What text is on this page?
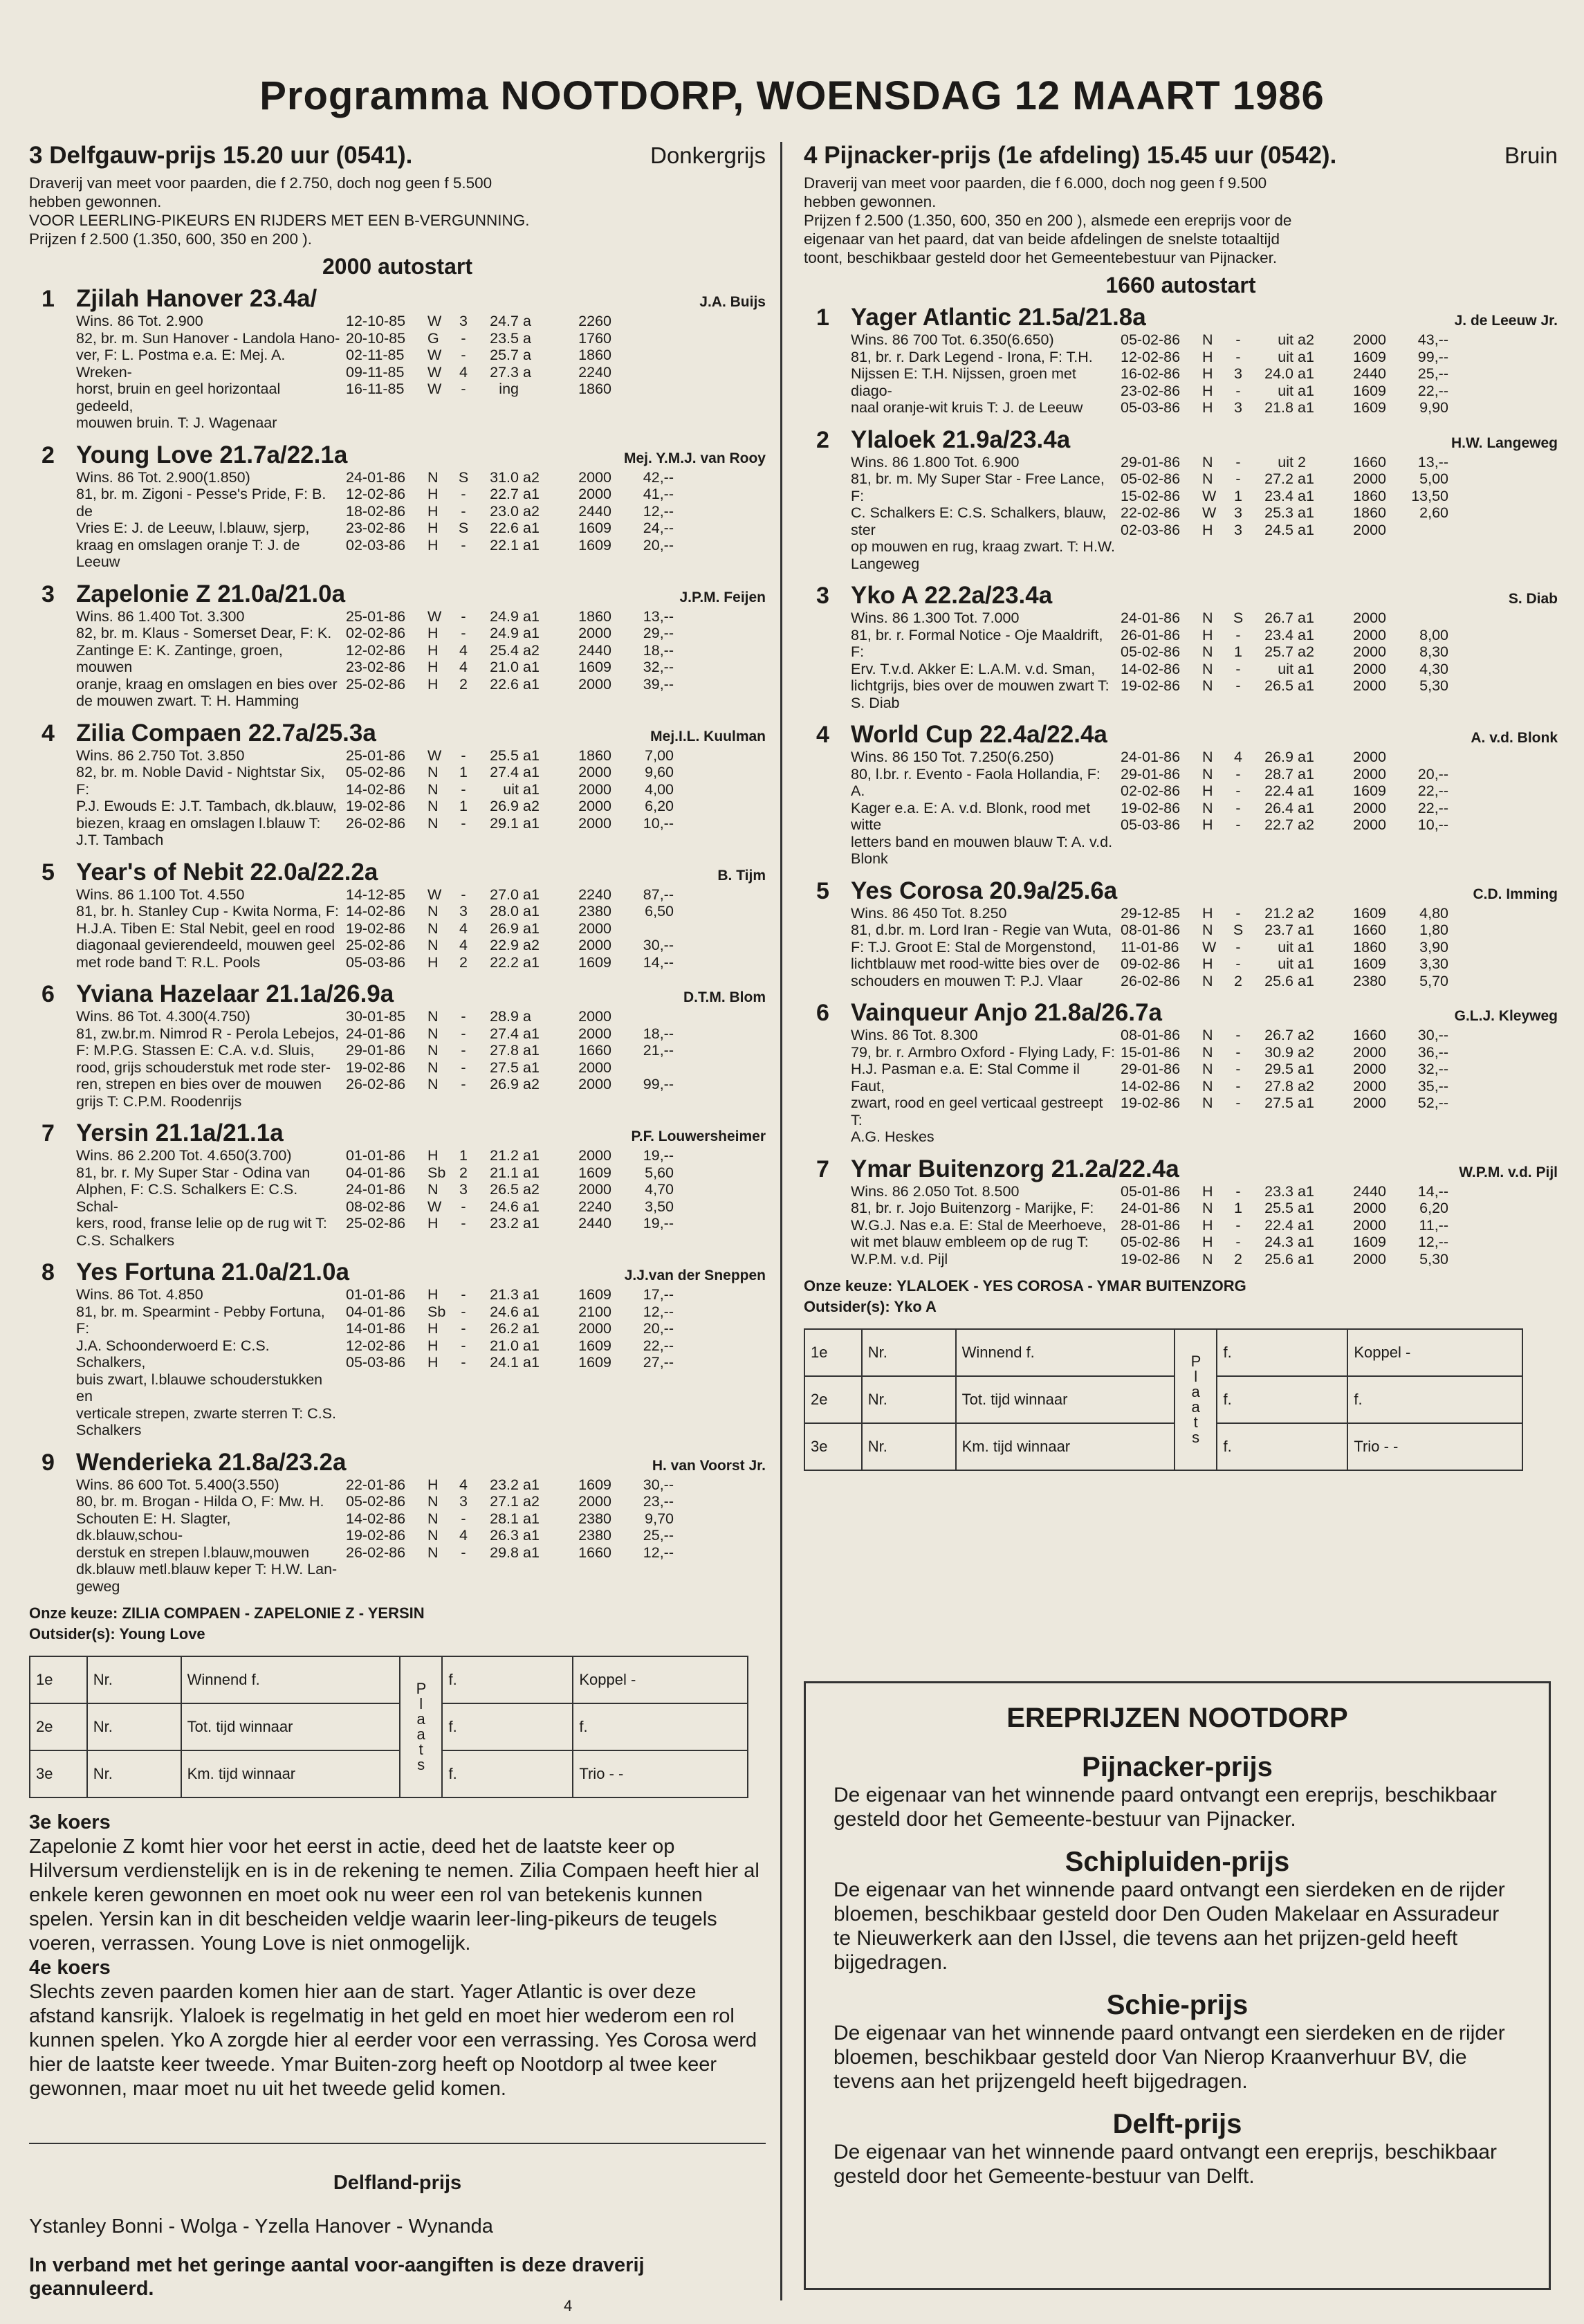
Programma NOOTDORP, WOENSDAG 12 MAART 1986
3 Delfgauw-prijs 15.20 uur (0541).	Donkergrijs
Draverij van meet voor paarden, die f 2.750, doch nog geen f 5.500
hebben gewonnen.
VOOR LEERLING-PIKEURS EN RIJDERS MET EEN B-VERGUNNING.
Prijzen f 2.500 (1.350, 600, 350 en 200 ).
2000 autostart
1 Zjilah Hanover 23.4a/	J.A. Buijs
Wins. 86 Tot. 2.900
82, br. m. Sun Hanover - Landola Hano-
ver, F: L. Postma e.a. E: Mej. A. Wreken-
horst, bruin en geel horizontaal gedeeld,
mouwen bruin. T: J. Wagenaar
12-10-85	W	3	24.7 a	2260
20-10-85	G	-	23.5 a	1760
02-11-85	W	-	25.7 a	1860
09-11-85	W	4	27.3 a	2240
16-11-85	W	-	ing	1860
2 Young Love 21.7a/22.1a	Mej. Y.M.J. van Rooy
Wins. 86 Tot. 2.900(1.850)
81, br. m. Zigoni - Pesse's Pride, F: B. de
Vries E: J. de Leeuw, l.blauw, sjerp,
kraag en omslagen oranje T: J. de Leeuw
24-01-86	N	S	31.0 a2	2000	42,--
12-02-86	H	-	22.7 a1	2000	41,--
18-02-86	H	-	23.0 a2	2440	12,--
23-02-86	H	S	22.6 a1	1609	24,--
02-03-86	H	-	22.1 a1	1609	20,--
3 Zapelonie Z 21.0a/21.0a	J.P.M. Feijen
Wins. 86 1.400 Tot. 3.300
82, br. m. Klaus - Somerset Dear, F: K.
Zantinge E: K. Zantinge, groen, mouwen
oranje, kraag en omslagen en bies over
de mouwen zwart. T: H. Hamming
25-01-86	W	-	24.9 a1	1860	13,--
02-02-86	H	-	24.9 a1	2000	29,--
12-02-86	H	4	25.4 a2	2440	18,--
23-02-86	H	4	21.0 a1	1609	32,--
25-02-86	H	2	22.6 a1	2000	39,--
4 Zilia Compaen 22.7a/25.3a	Mej.I.L. Kuulman
Wins. 86 2.750 Tot. 3.850
82, br. m. Noble David - Nightstar Six, F:
P.J. Ewouds E: J.T. Tambach, dk.blauw,
biezen, kraag en omslagen l.blauw T:
J.T. Tambach
25-01-86	W	-	25.5 a1	1860	7,00
05-02-86	N	1	27.4 a1	2000	9,60
14-02-86	N	-	uit a1	2000	4,00
19-02-86	N	1	26.9 a2	2000	6,20
26-02-86	N	-	29.1 a1	2000	10,--
5 Year's of Nebit 22.0a/22.2a	B. Tijm
Wins. 86 1.100 Tot. 4.550
81, br. h. Stanley Cup - Kwita Norma, F:
H.J.A. Tiben E: Stal Nebit, geel en rood
diagonaal gevierendeeld, mouwen geel
met rode band T: R.L. Pools
14-12-85	W	-	27.0 a1	2240	87,--
14-02-86	N	3	28.0 a1	2380	6,50
19-02-86	N	4	26.9 a1	2000
25-02-86	N	4	22.9 a2	2000	30,--
05-03-86	H	2	22.2 a1	1609	14,--
6 Yviana Hazelaar 21.1a/26.9a	D.T.M. Blom
Wins. 86 Tot. 4.300(4.750)
81, zw.br.m. Nimrod R - Perola Lebejos,
F: M.P.G. Stassen E: C.A. v.d. Sluis,
rood, grijs schouderstuk met rode ster-
ren, strepen en bies over de mouwen
grijs T: C.P.M. Roodenrijs
30-01-85	N	-	28.9 a	2000
24-01-86	N	-	27.4 a1	2000	18,--
29-01-86	N	-	27.8 a1	1660	21,--
19-02-86	N	-	27.5 a1	2000
26-02-86	N	-	26.9 a2	2000	99,--
7 Yersin 21.1a/21.1a	P.F. Louwersheimer
Wins. 86 2.200 Tot. 4.650(3.700)
81, br. r. My Super Star - Odina van
Alphen, F: C.S. Schalkers E: C.S. Schal-
kers, rood, franse lelie op de rug wit T:
C.S. Schalkers
01-01-86	H	1	21.2 a1	2000	19,--
04-01-86	Sb 2	21.1 a1	1609	5,60
24-01-86	N	3	26.5 a2	2000	4,70
08-02-86	W	-	24.6 a1	2240	3,50
25-02-86	H	-	23.2 a1	2440	19,--
8 Yes Fortuna 21.0a/21.0a	J.J.van der Sneppen
Wins. 86 Tot. 4.850
81, br. m. Spearmint - Pebby Fortuna, F:
J.A. Schoonderwoerd E: C.S. Schalkers,
buis zwart, l.blauwe schouderstukken en
verticale strepen, zwarte sterren T: C.S.
Schalkers
01-01-86	H	-	21.3 a1	1609	17,--
04-01-86	Sb	-	24.6 a1	2100	12,--
14-01-86	H	-	26.2 a1	2000	20,--
12-02-86	H	-	21.0 a1	1609	22,--
05-03-86	H	-	24.1 a1	1609	27,--
9 Wenderieka 21.8a/23.2a	H. van Voorst Jr.
Wins. 86 600 Tot. 5.400(3.550)
80, br. m. Brogan - Hilda O, F: Mw. H.
Schouten E: H. Slagter, dk.blauw,schou-
derstuk en strepen l.blauw,mouwen
dk.blauw metl.blauw keper T: H.W. Lan-
geweg
22-01-86	H	4	23.2 a1	1609	30,--
05-02-86	N	3	27.1 a2	2000	23,--
14-02-86	N	-	28.1 a1	2380	9,70
19-02-86	N	4	26.3 a1	2380	25,--
26-02-86	N	-	29.8 a1	1660	12,--
Onze keuze: ZILIA COMPAEN - ZAPELONIE Z - YERSIN
Outsider(s): Young Love
1e	Nr.	Winnend f.	Plaats	f.	Koppel -
2e	Nr.	Tot. tijd winnaar		f.	f.
3e	Nr.	Km. tijd winnaar		f.	Trio - -
3e koers
Zapelonie Z komt hier voor het eerst in actie, deed het de laatste keer op Hilversum verdienstelijk en is in de rekening te nemen. Zilia Compaen heeft hier al enkele keren gewonnen en moet ook nu weer een rol van betekenis kunnen spelen. Yersin kan in dit bescheiden veldje waarin leer-ling-pikeurs de teugels voeren, verrassen. Young Love is niet onmogelijk.
4e koers
Slechts zeven paarden komen hier aan de start. Yager Atlantic is over deze afstand kansrijk. Ylaloek is regelmatig in het geld en moet hier wederom een rol kunnen spelen. Yko A zorgde hier al eerder voor een verrassing. Yes Corosa werd hier de laatste keer tweede. Ymar Buiten-zorg heeft op Nootdorp al twee keer gewonnen, maar moet nu uit het tweede gelid komen.
Delfland-prijs
Ystanley Bonni - Wolga - Yzella Hanover - Wynanda
In verband met het geringe aantal voor-aangiften is deze draverij geannuleerd.
4 Pijnacker-prijs (1e afdeling) 15.45 uur (0542).	Bruin
Draverij van meet voor paarden, die f 6.000, doch nog geen f 9.500
hebben gewonnen.
Prijzen f 2.500 (1.350, 600, 350 en 200 ), alsmede een ereprijs voor de
eigenaar van het paard, dat van beide afdelingen de snelste totaaltijd
toont, beschikbaar gesteld door het Gemeentebestuur van Pijnacker.
1660 autostart
1 Yager Atlantic 21.5a/21.8a	J. de Leeuw Jr.
Wins. 86 700 Tot. 6.350(6.650)
81, br. r. Dark Legend - Irona, F: T.H.
Nijssen E: T.H. Nijssen, groen met diago-
naal oranje-wit kruis T: J. de Leeuw
05-02-86	N	-	uit a2	2000	43,--
12-02-86	H	-	uit a1	1609	99,--
16-02-86	H	3	24.0 a1	2440	25,--
23-02-86	H	-	uit a1	1609	22,--
05-03-86	H	3	21.8 a1	1609	9,90
2 Ylaloek 21.9a/23.4a	H.W. Langeweg
Wins. 86 1.800 Tot. 6.900
81, br. m. My Super Star - Free Lance, F:
C. Schalkers E: C.S. Schalkers, blauw, ster
op mouwen en rug, kraag zwart. T: H.W.
Langeweg
29-01-86	N	-	uit 2	1660	13,--
05-02-86	N	-	27.2 a1	2000	5,00
15-02-86	W	1	23.4 a1	1860	13,50
22-02-86	W	3	25.3 a1	1860	2,60
02-03-86	H	3	24.5 a1	2000
3 Yko A 22.2a/23.4a	S. Diab
Wins. 86 1.300 Tot. 7.000
81, br. r. Formal Notice - Oje Maaldrift, F:
Erv. T.v.d. Akker E: L.A.M. v.d. Sman,
lichtgrijs, bies over de mouwen zwart T:
S. Diab
24-01-86	N	S	26.7 a1	2000
26-01-86	H	-	23.4 a1	2000	8,00
05-02-86	N	1	25.7 a2	2000	8,30
14-02-86	N	-	uit a1	2000	4,30
19-02-86	N	-	26.5 a1	2000	5,30
4 World Cup 22.4a/22.4a	A. v.d. Blonk
Wins. 86 150 Tot. 7.250(6.250)
80, l.br. r. Evento - Faola Hollandia, F: A.
Kager e.a. E: A. v.d. Blonk, rood met witte
letters band en mouwen blauw T: A. v.d.
Blonk
24-01-86	N	4	26.9 a1	2000
29-01-86	N	-	28.7 a1	2000	20,--
02-02-86	H	-	22.4 a1	1609	22,--
19-02-86	N	-	26.4 a1	2000	22,--
05-03-86	H	-	22.7 a2	2000	10,--
5 Yes Corosa 20.9a/25.6a	C.D. Imming
Wins. 86 450 Tot. 8.250
81, d.br. m. Lord Iran - Regie van Wuta,
F: T.J. Groot E: Stal de Morgenstond,
lichtblauw met rood-witte bies over de
schouders en mouwen T: P.J. Vlaar
29-12-85	H	-	21.2 a2	1609	4,80
08-01-86	N	S	23.7 a1	1660	1,80
11-01-86	W	-	uit a1	1860	3,90
09-02-86	H	-	uit a1	1609	3,30
26-02-86	N	2	25.6 a1	2380	5,70
6 Vainqueur Anjo 21.8a/26.7a	G.L.J. Kleyweg
Wins. 86 Tot. 8.300
79, br. r. Armbro Oxford - Flying Lady, F:
H.J. Pasman e.a. E: Stal Comme il Faut,
zwart, rood en geel verticaal gestreept T:
A.G. Heskes
08-01-86	N	-	26.7 a2	1660	30,--
15-01-86	N	-	30.9 a2	2000	36,--
29-01-86	N	-	29.5 a1	2000	32,--
14-02-86	N	-	27.8 a2	2000	35,--
19-02-86	N	-	27.5 a1	2000	52,--
7 Ymar Buitenzorg 21.2a/22.4a	W.P.M. v.d. Pijl
Wins. 86 2.050 Tot. 8.500
81, br. r. Jojo Buitenzorg - Marijke, F:
W.G.J. Nas e.a. E: Stal de Meerhoeve,
wit met blauw embleem op de rug T:
W.P.M. v.d. Pijl
05-01-86	H	-	23.3 a1	2440	14,--
24-01-86	N	1	25.5 a1	2000	6,20
28-01-86	H	-	22.4 a1	2000	11,--
05-02-86	H	-	24.3 a1	1609	12,--
19-02-86	N	2	25.6 a1	2000	5,30
Onze keuze: YLALOEK - YES COROSA - YMAR BUITENZORG
Outsider(s): Yko A
1e	Nr.	Winnend f.	Plaats	f.	Koppel -
2e	Nr.	Tot. tijd winnaar		f.	f.
3e	Nr.	Km. tijd winnaar		f.	Trio - -
EREPRIJZEN NOOTDORP
Pijnacker-prijs
De eigenaar van het winnende paard ontvangt een ereprijs, beschikbaar gesteld door het Gemeente-bestuur van Pijnacker.
Schipluiden-prijs
De eigenaar van het winnende paard ontvangt een sierdeken en de rijder bloemen, beschikbaar gesteld door Den Ouden Makelaar en Assuradeur te Nieuwerkerk aan den IJssel, die tevens aan het prijzen-geld heeft bijgedragen.
Schie-prijs
De eigenaar van het winnende paard ontvangt een sierdeken en de rijder bloemen, beschikbaar gesteld door Van Nierop Kraanverhuur BV, die tevens aan het prijzengeld heeft bijgedragen.
Delft-prijs
De eigenaar van het winnende paard ontvangt een ereprijs, beschikbaar gesteld door het Gemeente-bestuur van Delft.
4
